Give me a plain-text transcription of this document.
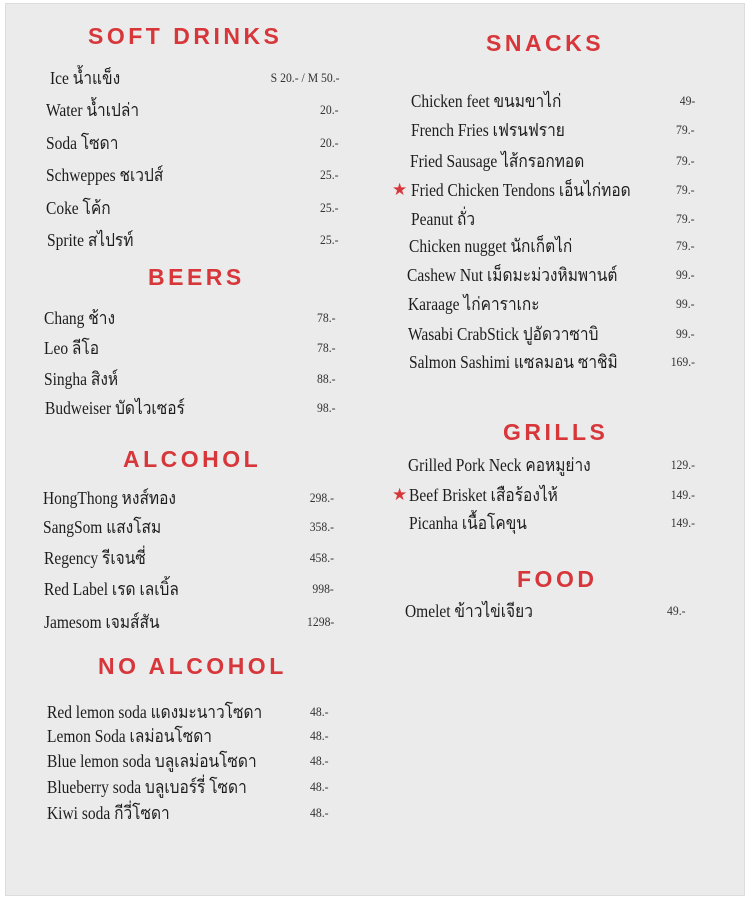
SOFT DRINKS
Ice น้ำแข็ง	S 20.- / M 50.-
Water น้ำเปล่า	20.-
Soda โซดา	20.-
Schweppes ชเวปส์	25.-
Coke โค้ก	25.-
Sprite สไปรท์	25.-
BEERS
Chang ช้าง	78.-
Leo ลีโอ	78.-
Singha สิงห์	88.-
Budweiser บัดไวเซอร์	98.-
ALCOHOL
HongThong หงส์ทอง	298.-
SangSom แสงโสม	358.-
Regency รีเจนซี่	458.-
Red Label เรด เลเบิ้ล	998-
Jamesom เจมส์สัน	1298-
NO ALCOHOL
Red lemon soda แดงมะนาวโซดา	48.-
Lemon Soda เลม่อนโซดา	48.-
Blue lemon soda บลูเลม่อนโซดา	48.-
Blueberry soda บลูเบอร์รี่ โซดา	48.-
Kiwi soda กีวี่โซดา	48.-
SNACKS
Chicken feet ขนมขาไก่	49-
French Fries เฟรนฟราย	79.-
Fried Sausage ไส้กรอกทอด	79.-
★ Fried Chicken Tendons เอ็นไก่ทอด	79.-
Peanut ถั่ว	79.-
Chicken nugget นักเก็ตไก่	79.-
Cashew Nut เม็ดมะม่วงหิมพานต์	99.-
Karaage ไก่คาราเกะ	99.-
Wasabi CrabStick ปูอัดวาซาบิ	99.-
Salmon Sashimi แซลมอน ซาชิมิ	169.-
GRILLS
Grilled Pork Neck คอหมูย่าง	129.-
★ Beef Brisket เสือร้องไห้	149.-
Picanha เนื้อโคขุน	149.-
FOOD
Omelet ข้าวไข่เจียว	49.-
